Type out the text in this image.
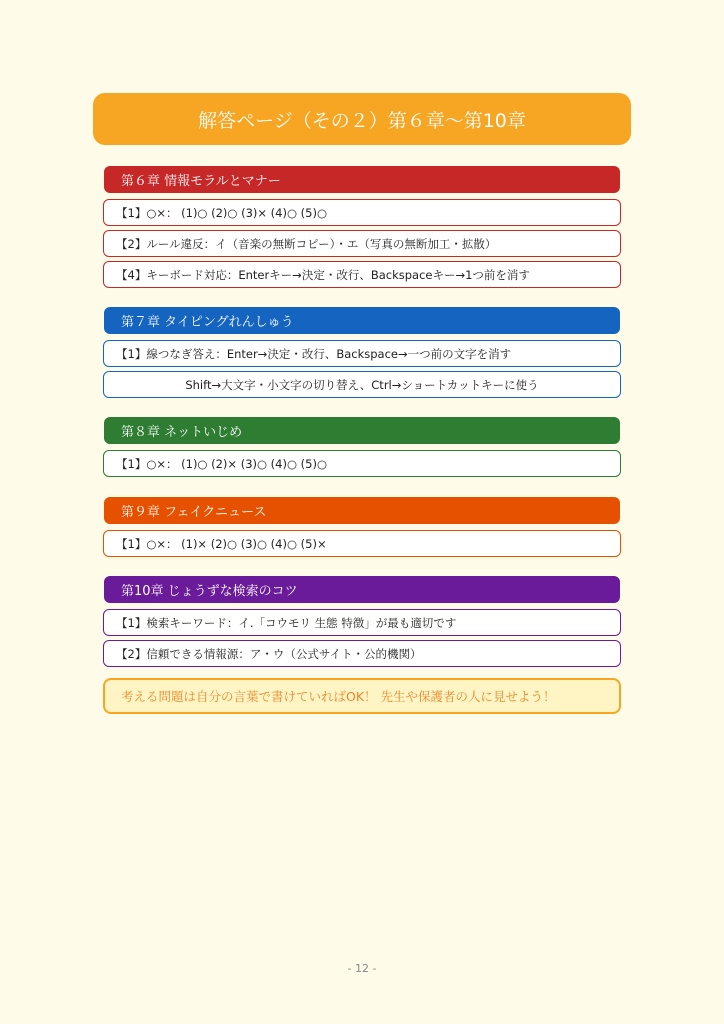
解答ページ（その２）第６章〜第10章
第６章 情報モラルとマナー
【1】○×： (1)○ (2)○ (3)× (4)○ (5)○
【2】ルール違反：イ（音楽の無断コピー）・エ（写真の無断加工・拡散）
【4】キーボード対応：Enterキー→決定・改行、Backspaceキー→1つ前を消す
第７章 タイピングれんしゅう
【1】線つなぎ答え：Enter→決定・改行、Backspace→一つ前の文字を消す
Shift→大文字・小文字の切り替え、Ctrl→ショートカットキーに使う
第８章 ネットいじめ
【1】○×： (1)○ (2)× (3)○ (4)○ (5)○
第９章 フェイクニュース
【1】○×： (1)× (2)○ (3)○ (4)○ (5)×
第10章 じょうずな検索のコツ
【1】検索キーワード：イ.「コウモリ 生態 特徴」が最も適切です
【2】信頼できる情報源：ア・ウ（公式サイト・公的機関）
考える問題は自分の言葉で書けていればOK！ 先生や保護者の人に見せよう！
- 12 -
